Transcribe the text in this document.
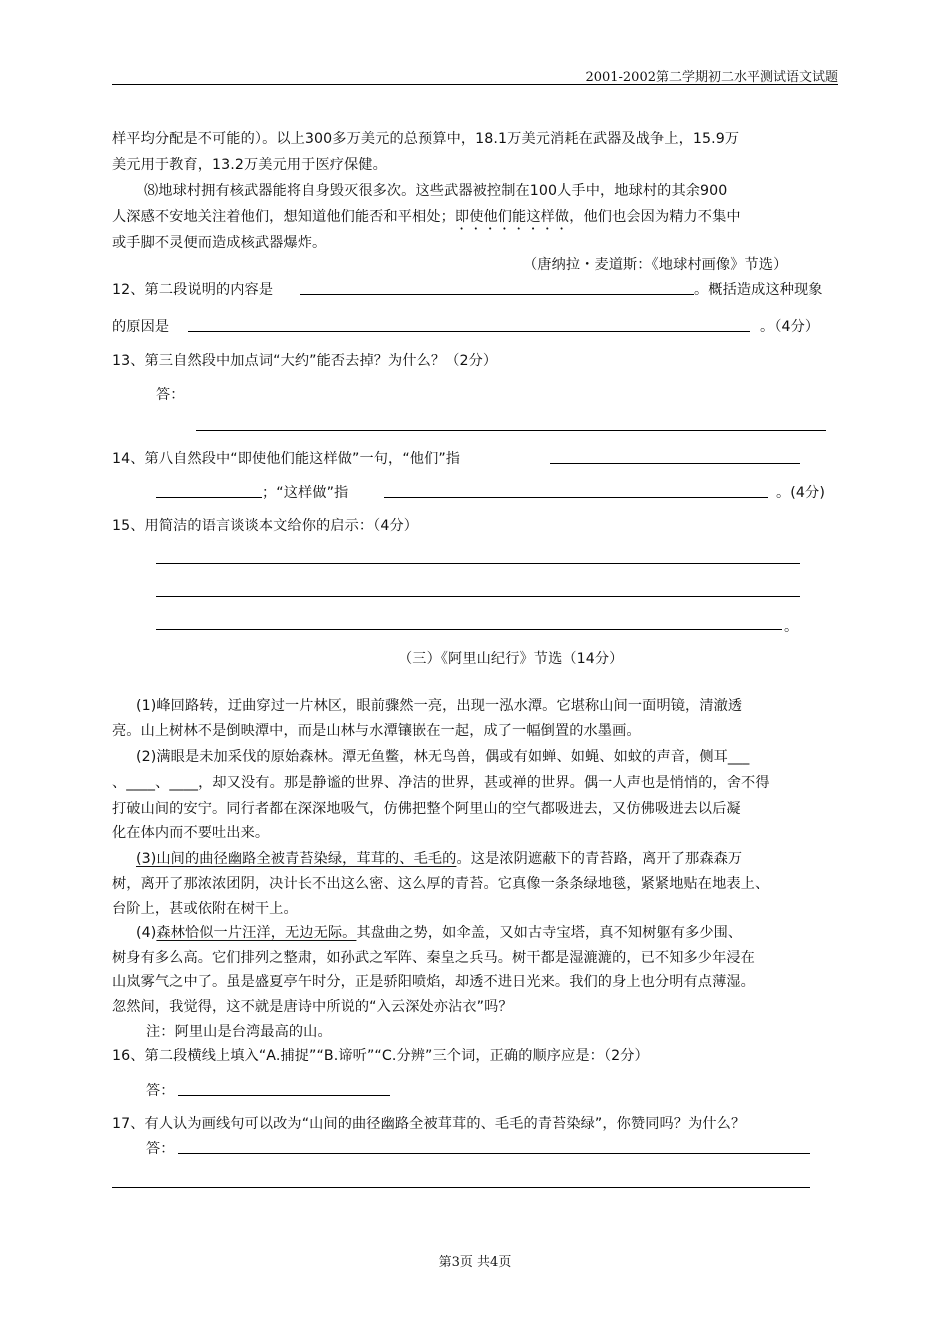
2001-2002第二学期初二水平测试语文试题
样平均分配是不可能的）。以上300多万美元的总预算中，18.1万美元消耗在武器及战争上，15.9万
美元用于教育，13.2万美元用于医疗保健。
⑻地球村拥有核武器能将自身毁灭很多次。这些武器被控制在100人手中，地球村的其余900
人深感不安地关注着他们，想知道他们能否和平相处；即使他们能这样做，他们也会因为精力不集中
或手脚不灵便而造成核武器爆炸。
（唐纳拉・麦道斯：《地球村画像》节选）
12、第二段说明的内容是	。概括造成这种现象
的原因是	。（4分）
13、第三自然段中加点词“大约”能否去掉？为什么？（2分）
答：
14、第八自然段中“即使他们能这样做”一句，“他们”指
；“这样做”指	。(4分)
15、用简洁的语言谈谈本文给你的启示：（4分）
。
（三）《阿里山纪行》节选（14分）
(1)峰回路转，迂曲穿过一片林区，眼前骤然一亮，出现一泓水潭。它堪称山间一面明镜，清澈透
亮。山上树林不是倒映潭中，而是山林与水潭镶嵌在一起，成了一幅倒置的水墨画。
(2)满眼是未加采伐的原始森林。潭无鱼鳖，林无鸟兽，偶或有如蝉、如蝇、如蚊的声音，侧耳___
、____、____，却又没有。那是静谧的世界、净洁的世界，甚或禅的世界。偶一人声也是悄悄的，舍不得
打破山间的安宁。同行者都在深深地吸气，仿佛把整个阿里山的空气都吸进去，又仿佛吸进去以后凝
化在体内而不要吐出来。
(3)山间的曲径幽路全被青苔染绿，茸茸的、毛毛的。这是浓阴遮蔽下的青苔路，离开了那森森万
树，离开了那浓浓团阴，决计长不出这么密、这么厚的青苔。它真像一条条绿地毯，紧紧地贴在地表上、
台阶上，甚或依附在树干上。
(4)森林恰似一片汪洋，无边无际。其盘曲之势，如伞盖，又如古寺宝塔，真不知树躯有多少围、
树身有多么高。它们排列之整肃，如孙武之军阵、秦皇之兵马。树干都是湿漉漉的，已不知多少年浸在
山岚雾气之中了。虽是盛夏亭午时分，正是骄阳喷焰，却透不进日光来。我们的身上也分明有点薄湿。
忽然间，我觉得，这不就是唐诗中所说的“入云深处亦沾衣”吗？
注：阿里山是台湾最高的山。
16、第二段横线上填入“A.捕捉”“B.谛听”“C.分辨”三个词，正确的顺序应是：（2分）
答：
17、有人认为画线句可以改为“山间的曲径幽路全被茸茸的、毛毛的青苔染绿”，你赞同吗？为什么？
答：
第3页 共4页
